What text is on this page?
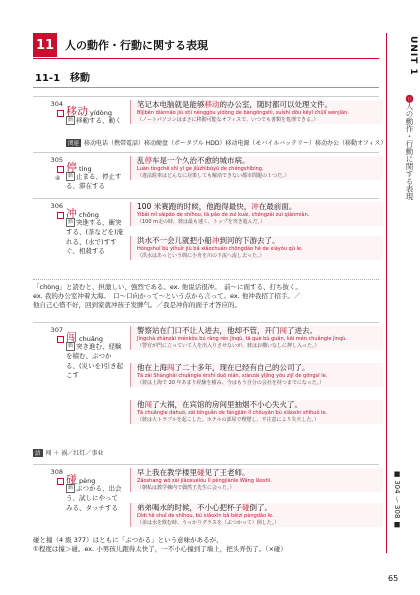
11 人の動作・行動に関する表現
11-1　移動
UNIT 1
⓫人の動作・行動に関する表現
■ 304 ～ 308 ■
65
304
移动 yídòng
動 移動する、動く
笔记本电脑就是能够移动的办公室，随时都可以处理文件。
Bǐjìběn diànnǎo jiù shì nénggòu yídòng de bàngōngshì, suíshí dōu kěyǐ chǔlǐ wénjiàn.
（ノートパソコンはまさに移動可能なオフィスで、いつでも書類を処理できる。）
関連 移动电话（携帯電話）移动硬盘（ポータブル HDD）移动电源（モバイルバッテリー）移动办公（移動オフィス）
305
④
停tíng
動 止まる、停止する、滞在する
乱停车是一个久治不愈的城市病。
Luàn tíngchē shì yí ge jiǔzhìbúyù de chéngshìbìng.
（違法駐車はどんなに対策しても解消できない都市問題の１つだ。）
306
冲chōng
動 突進する、衝突する、(茶などを)淹れる、(水で)すすぐ、相殺する
100 米赛跑的时候，他跑得最快，冲在最前面。
Yìbǎi mǐ sàipǎo de shíhou, tā pǎo de zuì kuài, chōngzài zuì qiánmiàn.
（100 m走の時、彼は最も速く、トップを突き進んだ。）
洪水不一会儿就把小船冲到河的下游去了。
Hóngshuǐ bù yíhuìr jiù bǎ xiǎochuán chōngdào hé de xiàyóu qù le.
（洪水はあっという間に小舟を川の下流へ流し去った。）
「chòng」と読むと、担激しい、強烈である。ex. 他说话很冲。　前～に面する、打ち抜く。
ex. 我的办公室冲着大海。　口～口向かって～という点から言って。ex. 他冲我招了招手。／
他自己心惜不好，回到家就冲孩子发脾气。／我是冲你的面子才答应的。
307
闯chuǎng
動 突き進む、経験を積む、ぶつかる、(災いを)引き起こす
警察站在门口不让人进去，他却不管，开门闯了进去。
Jǐngchá zhànzài ménkǒu bú ràng rén jìnqù, tā què bù guǎn, kāi mén chuǎngle jìnqù.
（警官が門に立っていて人を出入りさせないが、彼はお構いなしに押し入った。）
他在上海闯了二十多年，现在已经有自己的公司了。
Tā zài Shànghǎi chuǎngle èrshí duō nián, xiànzài yǐjīng yǒu zìjǐ de gōngsī le.
（彼は上海で 20 年あまり経験を積み、今はもう自分の会社を持つまでになった。）
他闯了大祸，在宾馆的房间里抽烟不小心失火了。
Tā chuǎngle dàhuò, zài bīnguǎn de fángjiān lǐ chōuyān bù xiǎoxīn shīhuǒ le.
（彼は大トラブルを起こした。ホテルの部屋で喫煙し、不注意により失火した。）
語 闯 ＋ 祸／红灯／事业
308
碰pèng
動 ぶつかる、出会う、試しにやってみる、タッチする
早上我在教学楼里碰见了王老师。
Zǎoshang wǒ zài jiàoxuélóu lǐ pèngjiànle Wáng lǎoshī.
（朝私は教学棟内で偶然王先生に会った。）
弟弟喝水的时候，不小心把杯子碰倒了。
Dìdi hē shuǐ de shíhou, bù xiǎoxīn bǎ bēizi pèngdǎo le.
（弟は水を飲む時、うっかりグラスを（ぶつかって）倒した。）
碰と撞（4 級 377）はともに「ぶつかる」という意味があるが、
①程度は撞＞碰。ex. 小男孩儿跑得太快了，一不小心撞到了墙上，把头弄伤了。（×碰）
